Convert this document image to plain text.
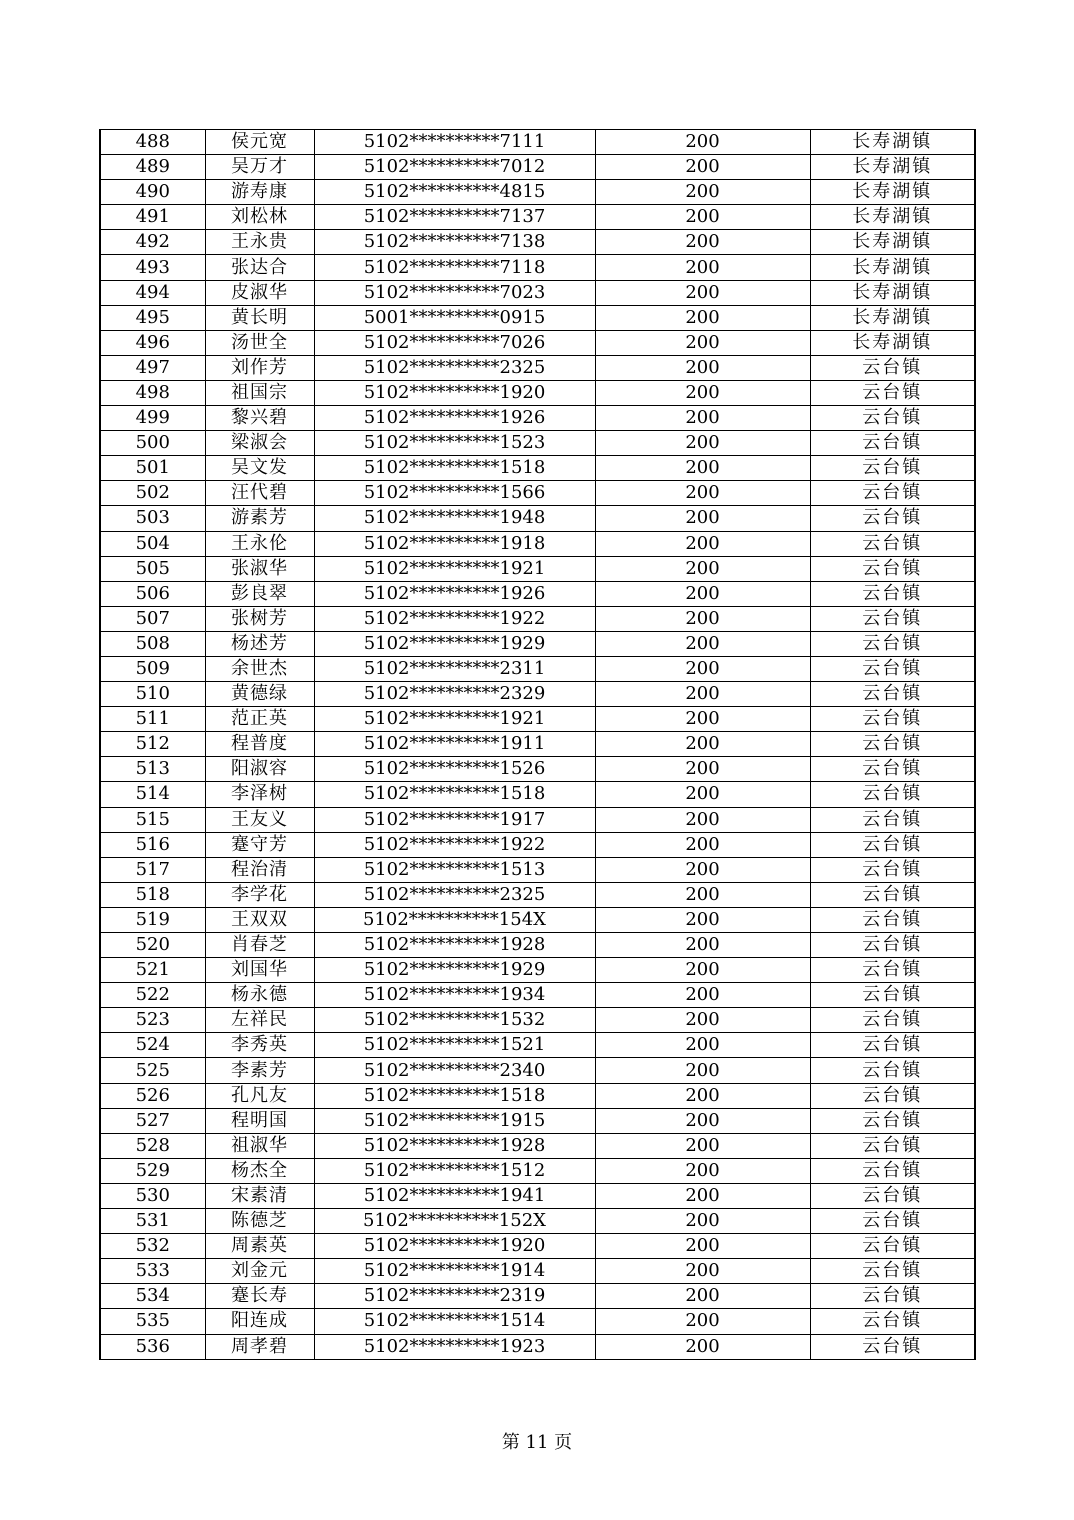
488	侯元宽	5102**********7111	200	长寿湖镇
489	吴万才	5102**********7012	200	长寿湖镇
490	游寿康	5102**********4815	200	长寿湖镇
491	刘松林	5102**********7137	200	长寿湖镇
492	王永贵	5102**********7138	200	长寿湖镇
493	张达合	5102**********7118	200	长寿湖镇
494	皮淑华	5102**********7023	200	长寿湖镇
495	黄长明	5001**********0915	200	长寿湖镇
496	汤世全	5102**********7026	200	长寿湖镇
497	刘作芳	5102**********2325	200	云台镇
498	祖国宗	5102**********1920	200	云台镇
499	黎兴碧	5102**********1926	200	云台镇
500	梁淑会	5102**********1523	200	云台镇
501	吴文发	5102**********1518	200	云台镇
502	汪代碧	5102**********1566	200	云台镇
503	游素芳	5102**********1948	200	云台镇
504	王永伦	5102**********1918	200	云台镇
505	张淑华	5102**********1921	200	云台镇
506	彭良翠	5102**********1926	200	云台镇
507	张树芳	5102**********1922	200	云台镇
508	杨述芳	5102**********1929	200	云台镇
509	余世杰	5102**********2311	200	云台镇
510	黄德绿	5102**********2329	200	云台镇
511	范正英	5102**********1921	200	云台镇
512	程普度	5102**********1911	200	云台镇
513	阳淑容	5102**********1526	200	云台镇
514	李泽树	5102**********1518	200	云台镇
515	王友义	5102**********1917	200	云台镇
516	蹇守芳	5102**********1922	200	云台镇
517	程治清	5102**********1513	200	云台镇
518	李学花	5102**********2325	200	云台镇
519	王双双	5102**********154X	200	云台镇
520	肖春芝	5102**********1928	200	云台镇
521	刘国华	5102**********1929	200	云台镇
522	杨永德	5102**********1934	200	云台镇
523	左祥民	5102**********1532	200	云台镇
524	李秀英	5102**********1521	200	云台镇
525	李素芳	5102**********2340	200	云台镇
526	孔凡友	5102**********1518	200	云台镇
527	程明国	5102**********1915	200	云台镇
528	祖淑华	5102**********1928	200	云台镇
529	杨杰全	5102**********1512	200	云台镇
530	宋素清	5102**********1941	200	云台镇
531	陈德芝	5102**********152X	200	云台镇
532	周素英	5102**********1920	200	云台镇
533	刘金元	5102**********1914	200	云台镇
534	蹇长寿	5102**********2319	200	云台镇
535	阳连成	5102**********1514	200	云台镇
536	周孝碧	5102**********1923	200	云台镇
第 11 页
